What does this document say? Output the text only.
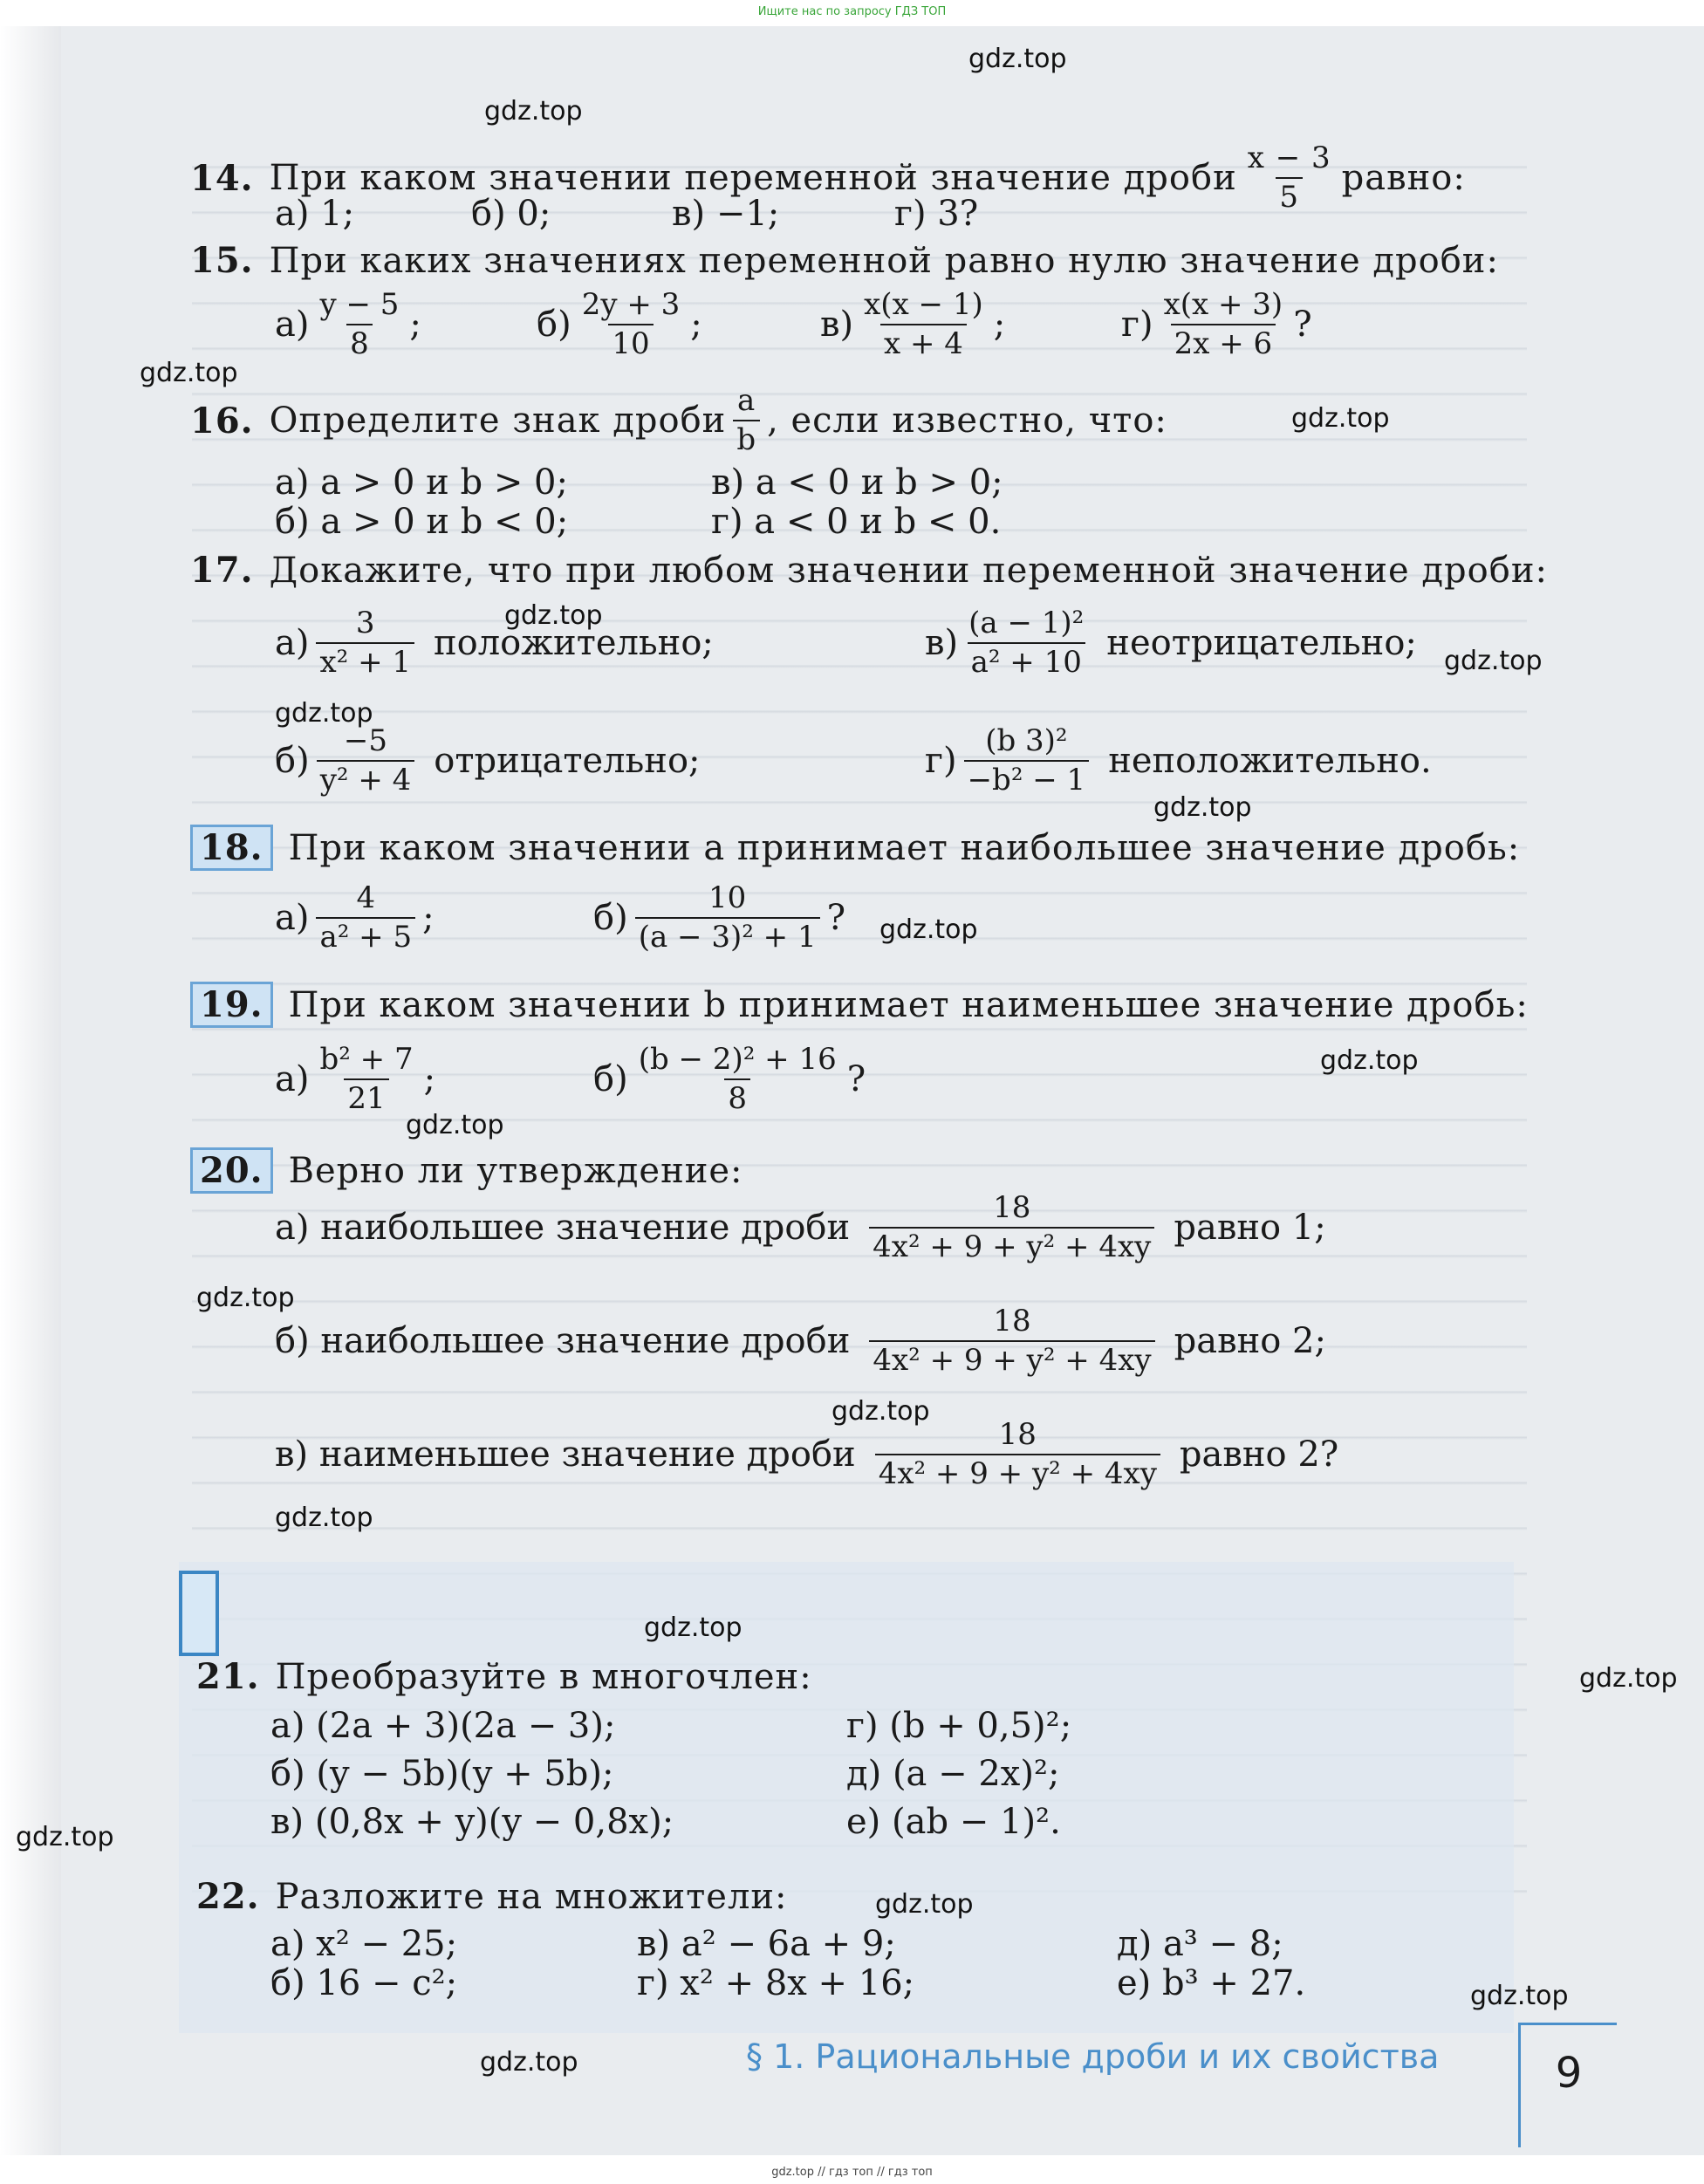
Ищите нас по запросу ГДЗ ТОП
gdz.top
gdz.top
gdz.top
gdz.top
gdz.top
gdz.top
gdz.top
gdz.top
gdz.top
gdz.top
gdz.top
gdz.top
gdz.top
gdz.top
gdz.top
gdz.top
gdz.top
gdz.top
gdz.top
gdz.top
14. При каком значении переменной значение дроби $\frac{x - 3}{5}$ равно:
а) 1;	б) 0;	в) −1;	г) 3?
15. При каких значениях переменной равно нулю значение дроби:
$а) \frac{y - 5}{8}$ ;	$б) \frac{2y + 3}{10}$ ;	$в) \frac{x(x - 1)}{x + 4}$ ;	$г) \frac{x(x + 3)}{2x + 6}$ ?
16. Определите знак дроби $\frac{a}{b}$ , если известно, что:
а) a > 0 и b > 0;	в) a < 0 и b > 0;
б) a > 0 и b < 0;	г) a < 0 и b < 0.
17. Докажите, что при любом значении переменной значение дроби:
$а) \frac{3}{\text{x² + 1}}$ положительно;	$в) \frac{\text{(a − 1)²}}{\text{a² + 10}}$ неотрицательно;
$б) \frac{-5}{\text{y² + 4}}$ отрицательно;	$г) \frac{\text{(b 3)²}}{\text{−b² − 1}}$ неположительно.
18. При каком значении a принимает наибольшее значение дробь:
$а) \frac{4}{\text{a² + 5}}$ ;	$б) \frac{10}{\text{(a − 3)² + 1}}$ ?
19. При каком значении b принимает наименьшее значение дробь:
$а) \frac{\text{b² + 7}}{21}$ ;	$б) \frac{\text{(b − 2)² + 16}}{8}$ ?
20. Верно ли утверждение:
а) наибольшее значение дроби $\frac{18}{\text{4x² + 9 + y² + 4xy}}$ равно 1;
б) наибольшее значение дроби $\frac{18}{\text{4x² + 9 + y² + 4xy}}$ равно 2;
в) наименьшее значение дроби $\frac{18}{\text{4x² + 9 + y² + 4xy}}$ равно 2?
21. Преобразуйте в многочлен:
а) (2a + 3)(2a − 3);	г) (b + 0,5)²;
б) (y − 5b)(y + 5b);	д) (a − 2x)²;
в) (0,8x + y)(y − 0,8x);	е) (ab − 1)².
22. Разложите на множители:
а) x² − 25;	в) a² − 6a + 9;	д) a³ − 8;
б) 16 − c²;	г) x² + 8x + 16;	е) b³ + 27.
§ 1. Рациональные дроби и их свойства	9
gdz.top // гдз топ // гдз топ
